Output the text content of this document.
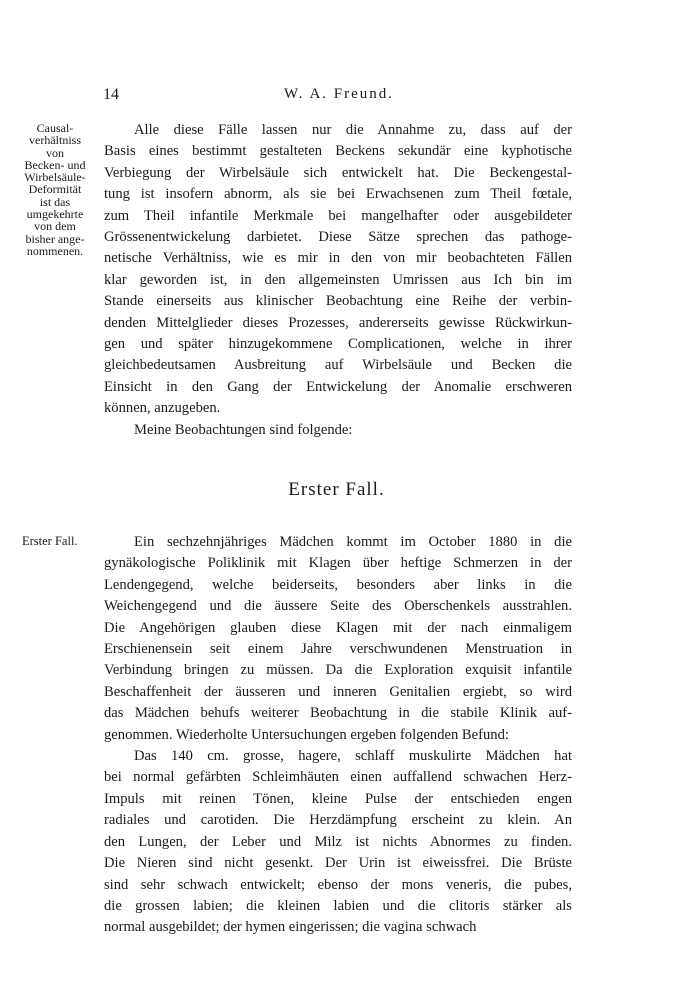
14	W. A. Freund.
Causal-
verhältniss
von
Becken- und
Wirbelsäule-
Deformität
ist das
umgekehrte
von dem
bisher ange-
nommenen.
Alle diese Fälle lassen nur die Annahme zu, dass auf der
Basis eines bestimmt gestalteten Beckens sekundär eine kyphotische
Verbiegung der Wirbelsäule sich entwickelt hat. Die Beckengestal-
tung ist insofern abnorm, als sie bei Erwachsenen zum Theil fœtale,
zum Theil infantile Merkmale bei mangelhafter oder ausgebildeter
Grössenentwickelung darbietet. Diese Sätze sprechen das pathoge-
netische Verhältniss, wie es mir in den von mir beobachteten Fällen
klar geworden ist, in den allgemeinsten Umrissen aus Ich bin im
Stande einerseits aus klinischer Beobachtung eine Reihe der verbin-
denden Mittelglieder dieses Prozesses, andererseits gewisse Rückwirkun-
gen und später hinzugekommene Complicationen, welche in ihrer
gleichbedeutsamen Ausbreitung auf Wirbelsäule und Becken die
Einsicht in den Gang der Entwickelung der Anomalie erschweren
können, anzugeben.
Meine Beobachtungen sind folgende:
Erster Fall.
Erster Fall.	Ein sechzehnjähriges Mädchen kommt im October 1880 in die
gynäkologische Poliklinik mit Klagen über heftige Schmerzen in der
Lendengegend, welche beiderseits, besonders aber links in die
Weichengegend und die äussere Seite des Oberschenkels ausstrahlen.
Die Angehörigen glauben diese Klagen mit der nach einmaligem
Erschienensein seit einem Jahre verschwundenen Menstruation in
Verbindung bringen zu müssen. Da die Exploration exquisit infantile
Beschaffenheit der äusseren und inneren Genitalien ergiebt, so wird
das Mädchen behufs weiterer Beobachtung in die stabile Klinik auf-
genommen. Wiederholte Untersuchungen ergeben folgenden Befund:
Das 140 cm. grosse, hagere, schlaff muskulirte Mädchen hat
bei normal gefärbten Schleimhäuten einen auffallend schwachen Herz-
Impuls mit reinen Tönen, kleine Pulse der entschieden engen
radiales und carotiden. Die Herzdämpfung erscheint zu klein. An
den Lungen, der Leber und Milz ist nichts Abnormes zu finden.
Die Nieren sind nicht gesenkt. Der Urin ist eiweissfrei. Die Brüste
sind sehr schwach entwickelt; ebenso der mons veneris, die pubes,
die grossen labien; die kleinen labien und die clitoris stärker als
normal ausgebildet; der hymen eingerissen; die vagina schwach
